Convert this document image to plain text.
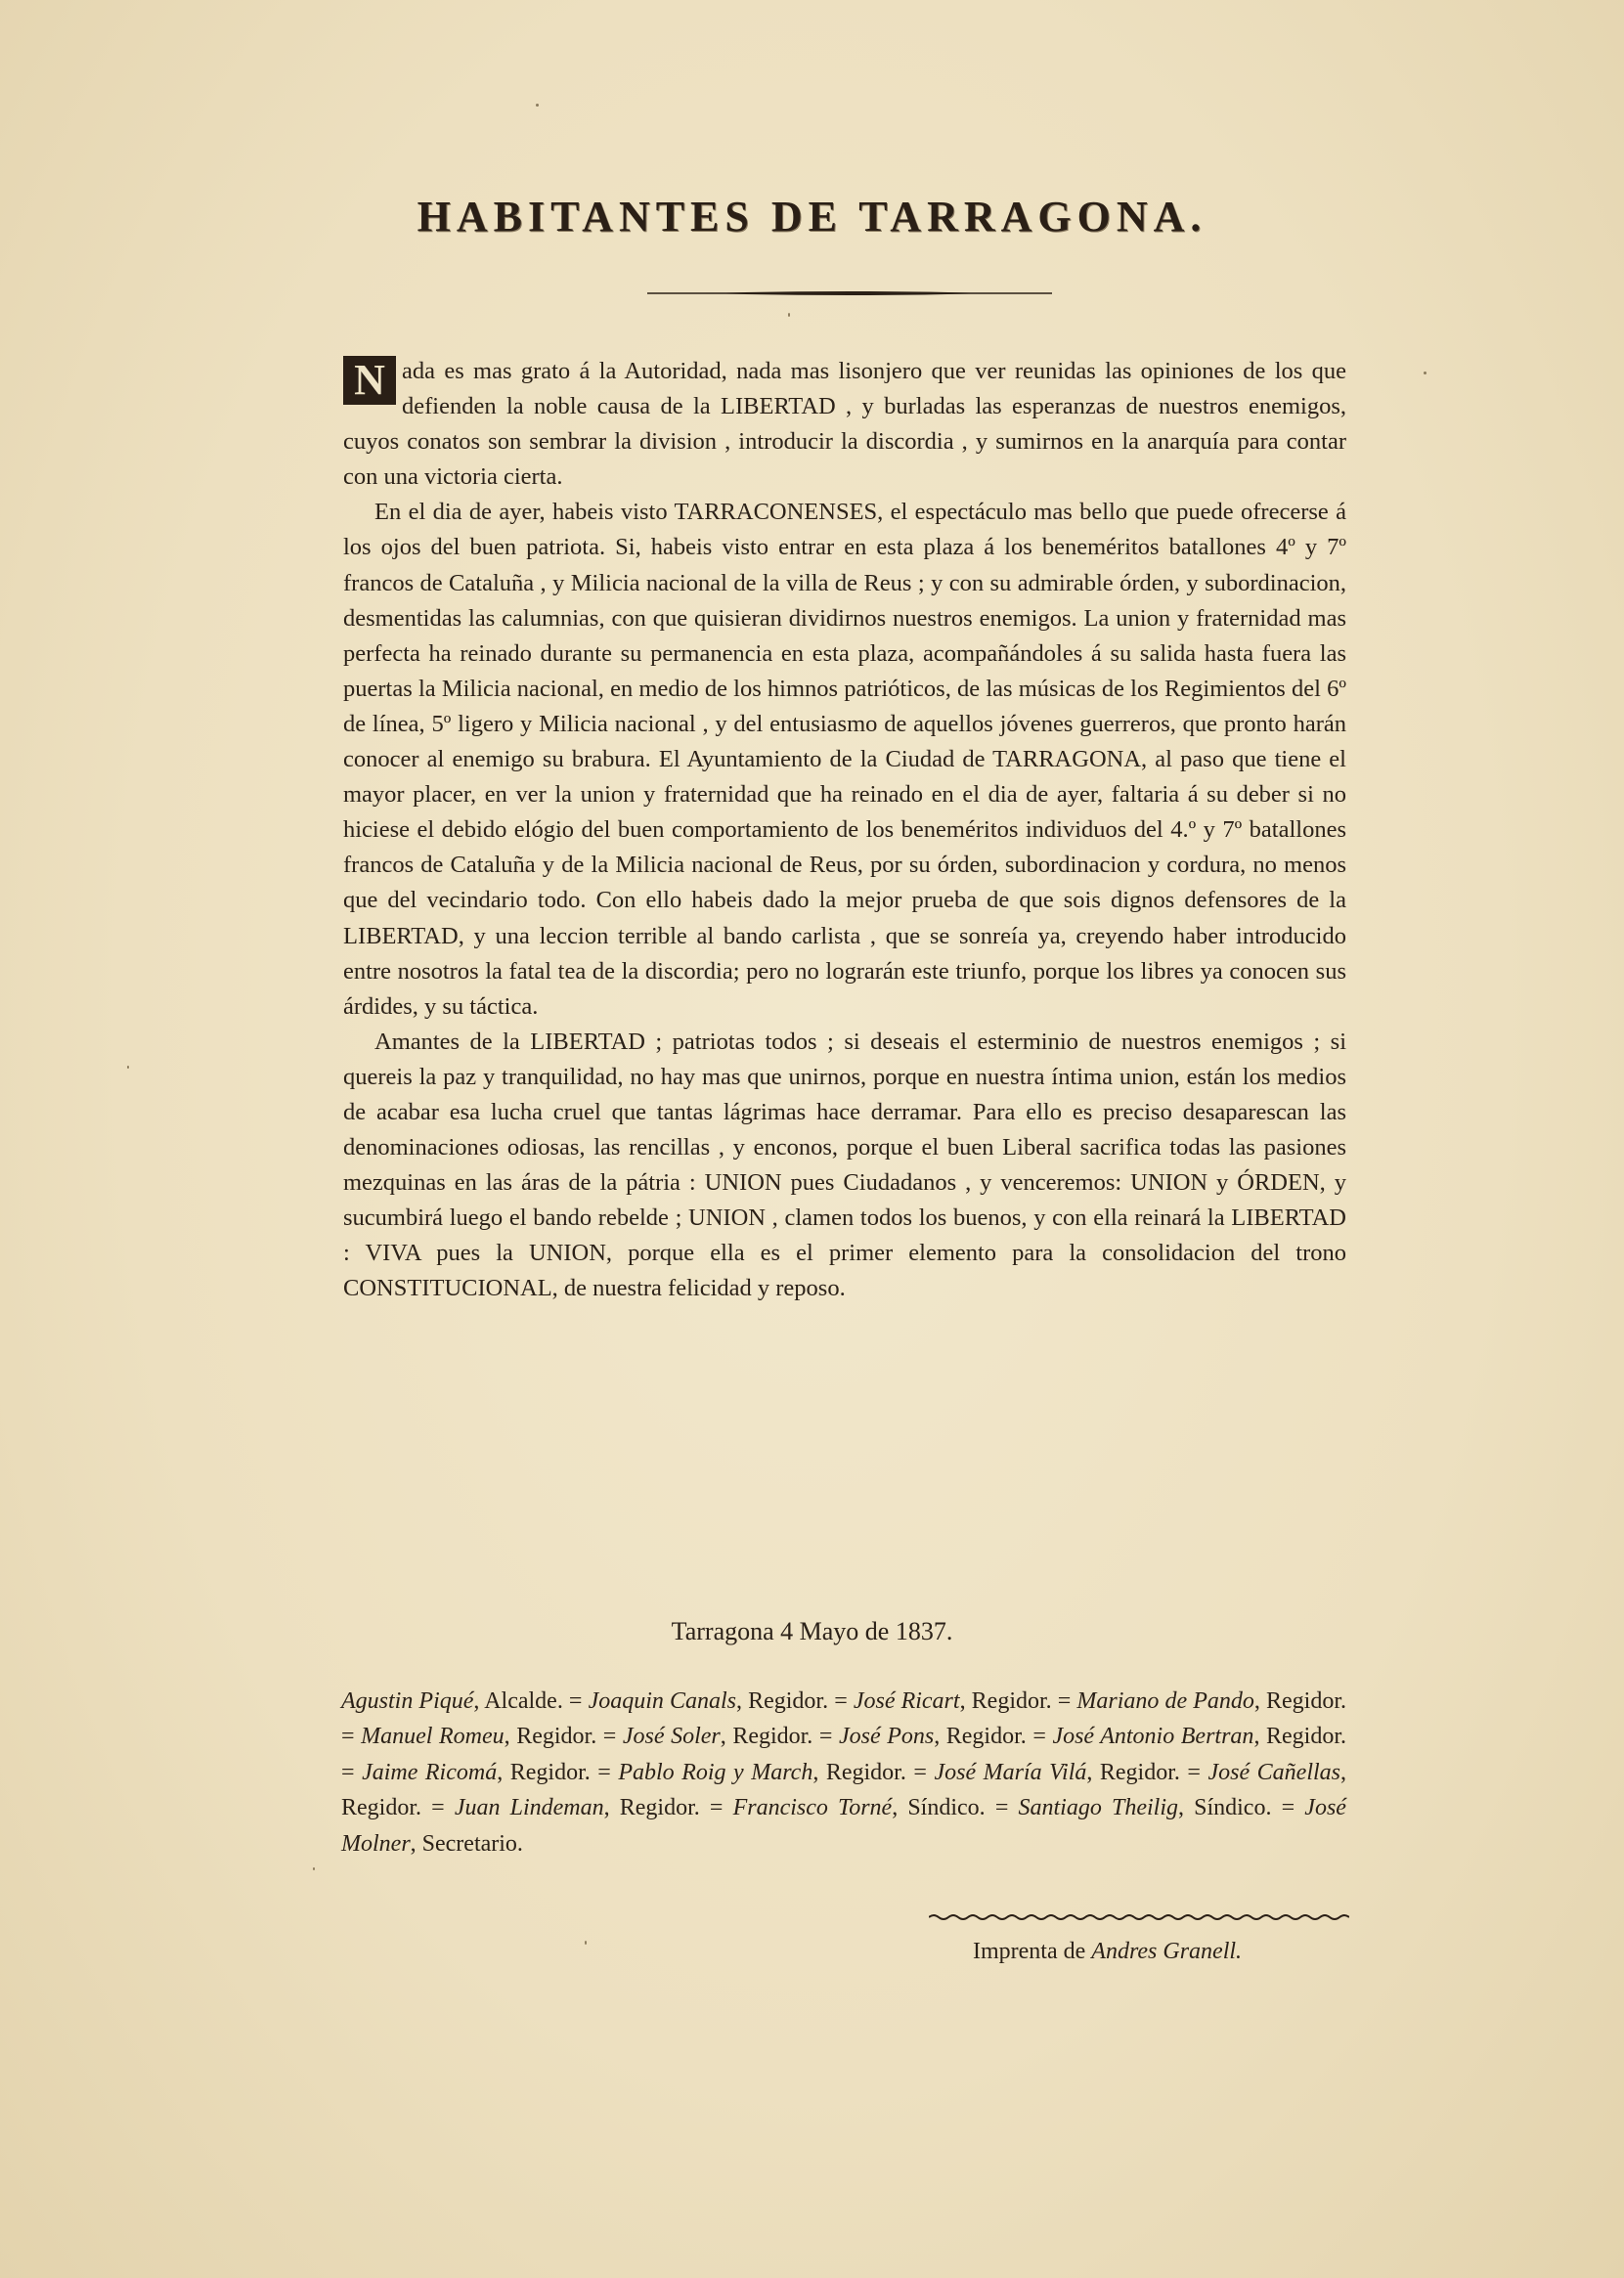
HABITANTES DE TARRAGONA.

N ada es mas grato á la Autoridad, nada mas lisonjero que ver reunidas las opiniones de los que defienden la noble causa de la LIBERTAD , y burladas las esperanzas de nuestros enemigos, cuyos conatos son sembrar la division , introducir la discordia , y sumirnos en la anarquía para contar con una victoria cierta.

En el dia de ayer, habeis visto TARRACONENSES, el espectáculo mas bello que puede ofrecerse á los ojos del buen patriota. Si, habeis visto entrar en esta plaza á los beneméritos batallones 4º y 7º francos de Cataluña , y Milicia nacional de la villa de Reus ; y con su admirable órden, y subordinacion, desmentidas las calumnias, con que quisieran dividirnos nuestros enemigos. La union y fraternidad mas perfecta ha reinado durante su permanencia en esta plaza, acompañándoles á su salida hasta fuera las puertas la Milicia nacional, en medio de los himnos patrióticos, de las músicas de los Regimientos del 6º de línea, 5º ligero y Milicia nacional , y del entusiasmo de aquellos jóvenes guerreros, que pronto harán conocer al enemigo su brabura. El Ayuntamiento de la Ciudad de TARRAGONA, al paso que tiene el mayor placer, en ver la union y fraternidad que ha reinado en el dia de ayer, faltaria á su deber si no hiciese el debido elógio del buen comportamiento de los beneméritos individuos del 4.º y 7º batallones francos de Cataluña y de la Milicia nacional de Reus, por su órden, subordinacion y cordura, no menos que del vecindario todo. Con ello habeis dado la mejor prueba de que sois dignos defensores de la LIBERTAD, y una leccion terrible al bando carlista , que se sonreía ya, creyendo haber introducido entre nosotros la fatal tea de la discordia; pero no lograrán este triunfo, porque los libres ya conocen sus árdides, y su táctica.

Amantes de la LIBERTAD ; patriotas todos ; si deseais el esterminio de nuestros enemigos ; si quereis la paz y tranquilidad, no hay mas que unirnos, porque en nuestra íntima union, están los medios de acabar esa lucha cruel que tantas lágrimas hace derramar. Para ello es preciso desaparescan las denominaciones odiosas, las rencillas , y enconos, porque el buen Liberal sacrifica todas las pasiones mezquinas en las áras de la pátria : UNION pues Ciudadanos , y venceremos: UNION y ÓRDEN, y sucumbirá luego el bando rebelde ; UNION , clamen todos los buenos, y con ella reinará la LIBERTAD : VIVA pues la UNION, porque ella es el primer elemento para la consolidacion del trono CONSTITUCIONAL, de nuestra felicidad y reposo.

Tarragona 4 Mayo de 1837.
Agustin Piqué, Alcalde. = Joaquin Canals, Regidor. = José Ricart, Regidor. = Mariano de Pando, Regidor. = Manuel Romeu, Regidor. = José Soler, Regidor. = José Pons, Regidor. = José Antonio Bertran, Regidor. = Jaime Ricomá, Regidor. = Pablo Roig y March, Regidor. = José María Vilá, Regidor. = José Cañellas, Regidor. = Juan Lindeman, Regidor. = Francisco Torné, Síndico. = Santiago Theilig, Síndico. = José Molner, Secretario.
Imprenta de Andres Granell.
